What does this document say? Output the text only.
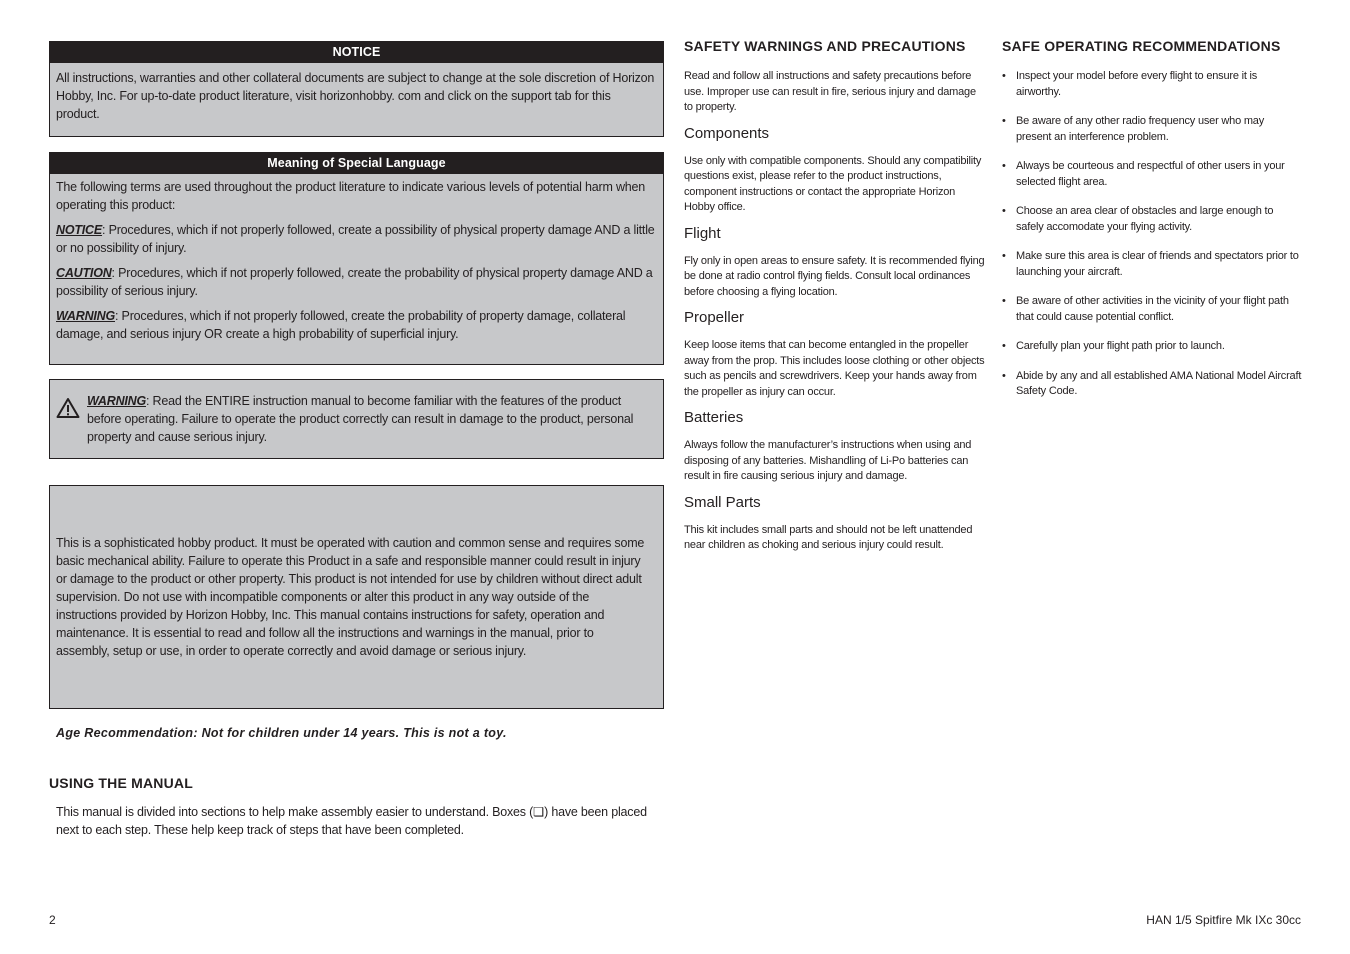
NOTICE

All instructions, warranties and other collateral documents are subject to change at the sole discretion of Horizon Hobby, Inc. For up-to-date product literature, visit horizonhobby. com and click on the support tab for this product.

Meaning of Special Language

The following terms are used throughout the product literature to indicate various levels of potential harm when operating this product:

NOTICE: Procedures, which if not properly followed, create a possibility of physical property damage AND a little or no possibility of injury.

CAUTION: Procedures, which if not properly followed, create the probability of physical property damage AND a possibility of serious injury.

WARNING: Procedures, which if not properly followed, create the probability of property damage, collateral damage, and serious injury OR create a high probability of superficial injury.

WARNING: Read the ENTIRE instruction manual to become familiar with the features of the product before operating. Failure to operate the product correctly can result in damage to the product, personal property and cause serious injury.

This is a sophisticated hobby product. It must be operated with caution and common sense and requires some basic mechanical ability. Failure to operate this Product in a safe and responsible manner could result in injury or damage to the product or other property. This product is not intended for use by children without direct adult supervision. Do not use with incompatible components or alter this product in any way outside of the instructions provided by Horizon Hobby, Inc. This manual contains instructions for safety, operation and maintenance. It is essential to read and follow all the instructions and warnings in the manual, prior to assembly, setup or use, in order to operate correctly and avoid damage or serious injury.

Age Recommendation: Not for children under 14 years. This is not a toy.
USING THE MANUAL
This manual is divided into sections to help make assembly easier to understand. Boxes (❏) have been placed next to each step. These help keep track of steps that have been completed.
SAFETY WARNINGS AND PRECAUTIONS

Read and follow all instructions and safety precautions before use. Improper use can result in fire, serious injury and damage to property.

Components

Use only with compatible components. Should any compatibility questions exist, please refer to the product instructions, component instructions or contact the appropriate Horizon Hobby office.

Flight

Fly only in open areas to ensure safety. It is recommended flying be done at radio control flying fields. Consult local ordinances before choosing a flying location.

Propeller

Keep loose items that can become entangled in the propeller away from the prop. This includes loose clothing or other objects such as pencils and screwdrivers. Keep your hands away from the propeller as injury can occur.

Batteries

Always follow the manufacturer’s instructions when using and disposing of any batteries. Mishandling of Li-Po batteries can result in fire causing serious injury and damage.

Small Parts

This kit includes small parts and should not be left unattended near children as choking and serious injury could result.

SAFE OPERATING RECOMMENDATIONS
• Inspect your model before every flight to ensure it is airworthy.
• Be aware of any other radio frequency user who may present an interference problem.
• Always be courteous and respectful of other users in your selected flight area.
• Choose an area clear of obstacles and large enough to safely accomodate your flying activity.
• Make sure this area is clear of friends and spectators prior to launching your aircraft.
• Be aware of other activities in the vicinity of your flight path that could cause potential conflict.
• Carefully plan your flight path prior to launch.
• Abide by any and all established AMA National Model Aircraft Safety Code.
2	HAN 1/5 Spitfire Mk IXc 30cc
